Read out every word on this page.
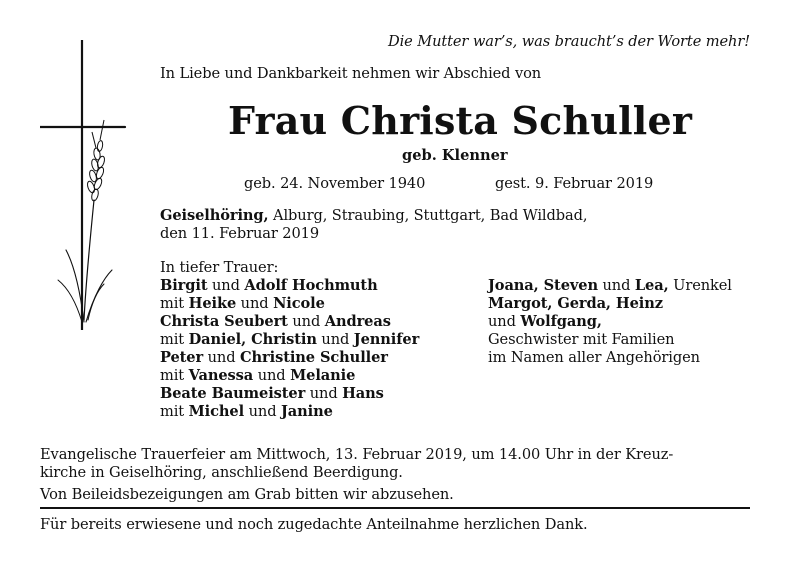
Die Mutter war’s, was braucht’s der Worte mehr!
In Liebe und Dankbarkeit nehmen wir Abschied von
Frau Christa Schuller
geb. Klenner
geb. 24. November 1940	gest. 9. Februar 2019
Geiselhöring, Alburg, Straubing, Stuttgart, Bad Wildbad,
den 11. Februar 2019
In tiefer Trauer:
Birgit und Adolf Hochmuth
mit Heike und Nicole
Christa Seubert und Andreas
mit Daniel, Christin und Jennifer
Peter und Christine Schuller
mit Vanessa und Melanie
Beate Baumeister und Hans
mit Michel und Janine
Joana, Steven und Lea, Urenkel
Margot, Gerda, Heinz
und Wolfgang,
Geschwister mit Familien
im Namen aller Angehörigen
Evangelische Trauerfeier am Mittwoch, 13. Februar 2019, um 14.00 Uhr in der Kreuz-
kirche in Geiselhöring, anschließend Beerdigung.
Von Beileidsbezeigungen am Grab bitten wir abzusehen.
Für bereits erwiesene und noch zugedachte Anteilnahme herzlichen Dank.
